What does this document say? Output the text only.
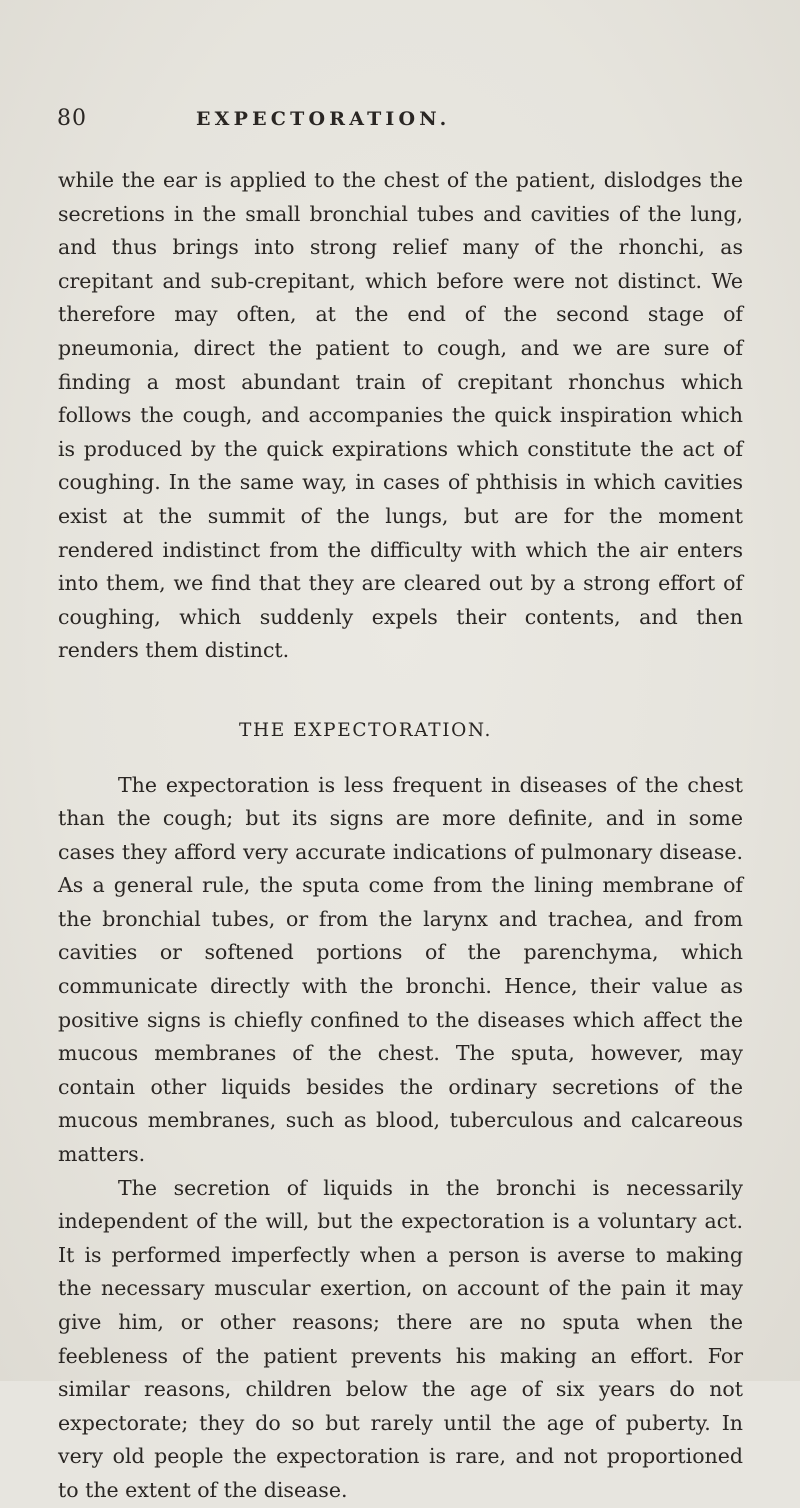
80	EXPECTORATION.

while the ear is applied to the chest of the patient, dislodges the secretions in the small bronchial tubes and cavities of the lung, and thus brings into strong relief many of the rhonchi, as crepitant and sub-crepitant, which before were not distinct. We therefore may often, at the end of the second stage of pneumonia, direct the patient to cough, and we are sure of finding a most abundant train of crepitant rhonchus which follows the cough, and accompanies the quick inspiration which is produced by the quick expirations which constitute the act of coughing. In the same way, in cases of phthisis in which cavities exist at the summit of the lungs, but are for the moment rendered indistinct from the difficulty with which the air enters into them, we find that they are cleared out by a strong effort of coughing, which suddenly expels their contents, and then renders them distinct.

THE EXPECTORATION.

The expectoration is less frequent in diseases of the chest than the cough; but its signs are more definite, and in some cases they afford very accurate indications of pulmonary disease. As a general rule, the sputa come from the lining membrane of the bronchial tubes, or from the larynx and trachea, and from cavities or softened portions of the parenchyma, which communicate directly with the bronchi. Hence, their value as positive signs is chiefly confined to the diseases which affect the mucous membranes of the chest. The sputa, however, may contain other liquids besides the ordinary secretions of the mucous membranes, such as blood, tuberculous and calcareous matters.

The secretion of liquids in the bronchi is necessarily independent of the will, but the expectoration is a voluntary act. It is performed imperfectly when a person is averse to making the necessary muscular exertion, on account of the pain it may give him, or other reasons; there are no sputa when the feebleness of the patient prevents his making an effort. For similar reasons, children below the age of six years do not expectorate; they do so but rarely until the age of puberty. In very old people the expectoration is rare, and not proportioned to the extent of the disease.
